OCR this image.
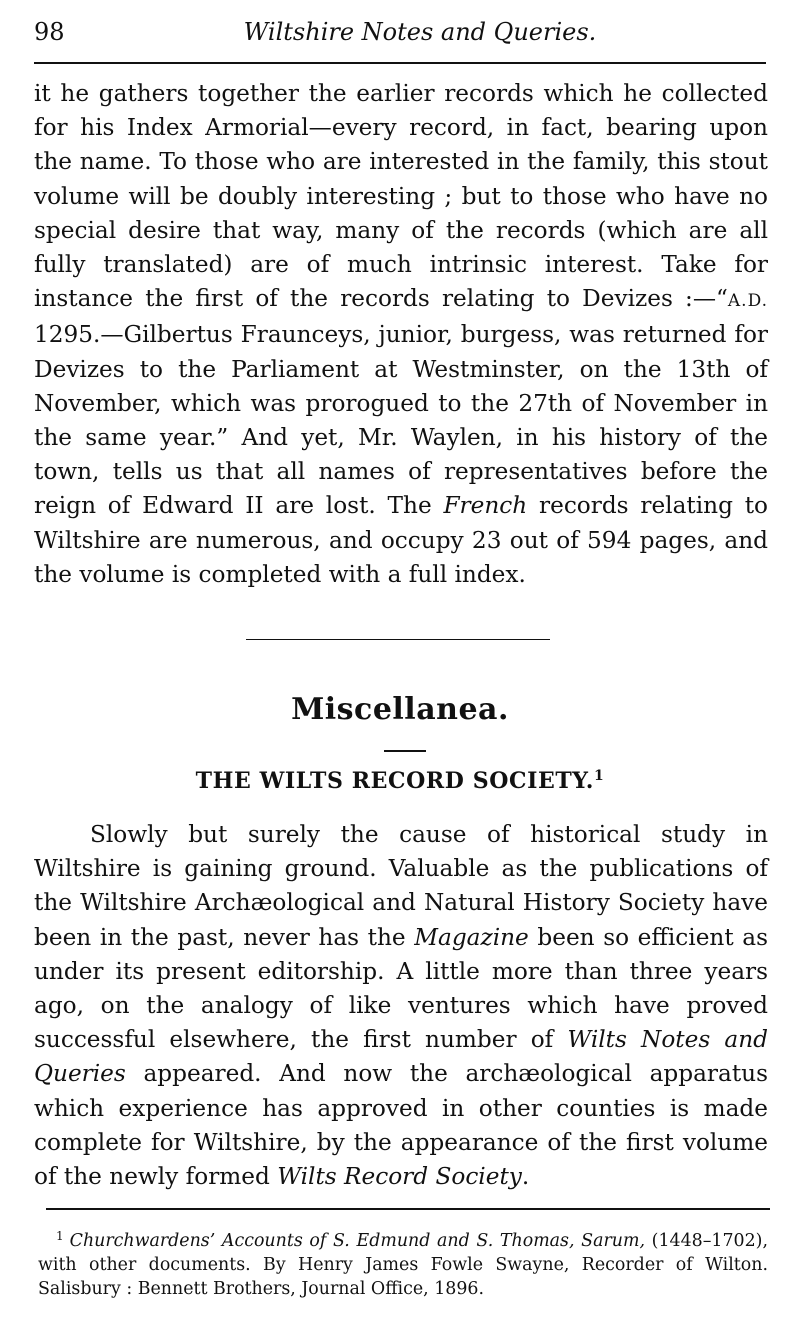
98	Wiltshire Notes and Queries.

it he gathers together the earlier records which he collected for his Index Armorial—every record, in fact, bearing upon the name. To those who are interested in the family, this stout volume will be doubly interesting ; but to those who have no special desire that way, many of the records (which are all fully translated) are of much intrinsic interest. Take for instance the first of the records relating to Devizes :—“A.D. 1295.—Gilbertus Fraunceys, junior, burgess, was returned for Devizes to the Parliament at Westminster, on the 13th of November, which was prorogued to the 27th of November in the same year.” And yet, Mr. Waylen, in his history of the town, tells us that all names of representatives before the reign of Edward II are lost. The French records relating to Wiltshire are numerous, and occupy 23 out of 594 pages, and the volume is completed with a full index.

Miscellanea.
THE WILTS RECORD SOCIETY.$^1$

Slowly but surely the cause of historical study in Wiltshire is gaining ground. Valuable as the publications of the Wiltshire Archæological and Natural History Society have been in the past, never has the Magazine been so efficient as under its present editorship. A little more than three years ago, on the analogy of like ventures which have proved successful elsewhere, the first number of Wilts Notes and Queries appeared. And now the archæological apparatus which experience has approved in other counties is made complete for Wiltshire, by the appearance of the first volume of the newly formed Wilts Record Society.

$^1$ Churchwardens’ Accounts of S. Edmund and S. Thomas, Sarum, (1448–1702), with other documents. By Henry James Fowle Swayne, Recorder of Wilton. Salisbury : Bennett Brothers, Journal Office, 1896.
